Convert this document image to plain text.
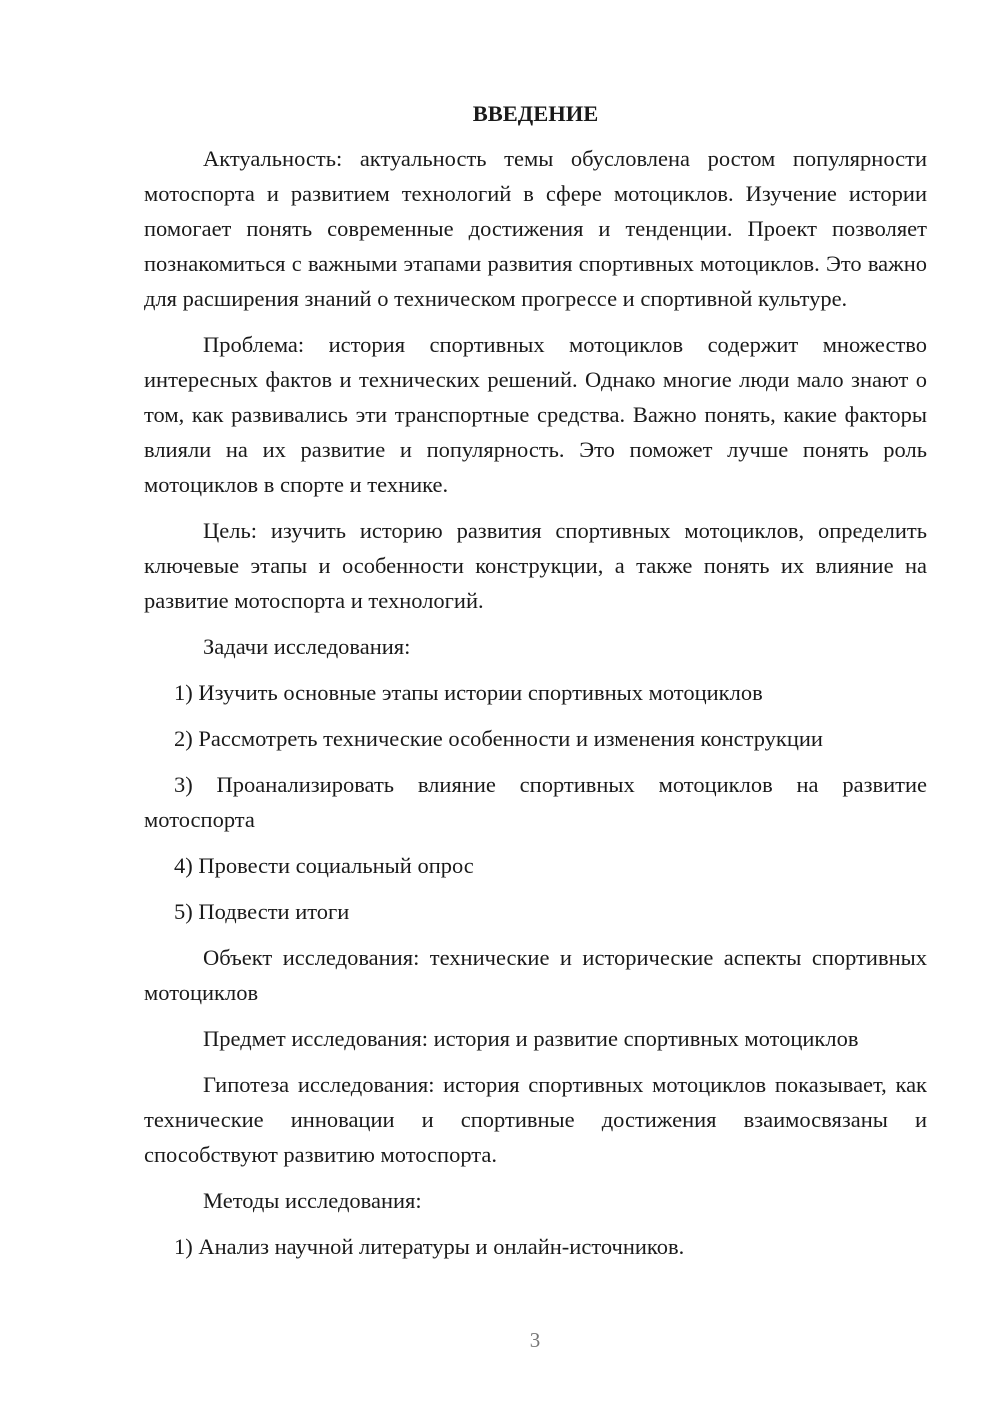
ВВЕДЕНИЕ

Актуальность: актуальность темы обусловлена ростом популярности мотоспорта и развитием технологий в сфере мотоциклов. Изучение истории помогает понять современные достижения и тенденции. Проект позволяет познакомиться с важными этапами развития спортивных мотоциклов. Это важно для расширения знаний о техническом прогрессе и спортивной культуре.

Проблема: история спортивных мотоциклов содержит множество интересных фактов и технических решений. Однако многие люди мало знают о том, как развивались эти транспортные средства. Важно понять, какие факторы влияли на их развитие и популярность. Это поможет лучше понять роль мотоциклов в спорте и технике.

Цель: изучить историю развития спортивных мотоциклов, определить ключевые этапы и особенности конструкции, а также понять их влияние на развитие мотоспорта и технологий.

Задачи исследования:

1) Изучить основные этапы истории спортивных мотоциклов

2) Рассмотреть технические особенности и изменения конструкции

3) Проанализировать влияние спортивных мотоциклов на развитие мотоспорта

4) Провести социальный опрос

5) Подвести итоги

Объект исследования: технические и исторические аспекты спортивных мотоциклов

Предмет исследования: история и развитие спортивных мотоциклов

Гипотеза исследования: история спортивных мотоциклов показывает, как технические инновации и спортивные достижения взаимосвязаны и способствуют развитию мотоспорта.

Методы исследования:

1) Анализ научной литературы и онлайн-источников.

3
